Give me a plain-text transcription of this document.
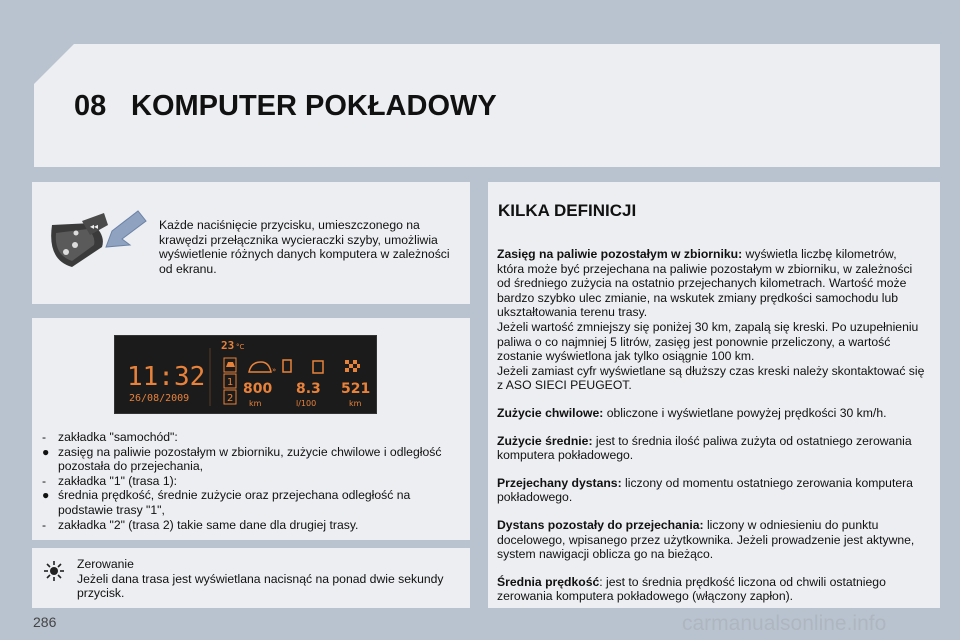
08 KOMPUTER POKŁADOWY
◂◂	Każde naciśnięcie przycisku, umieszczonego na krawędzi przełącznika wycieraczki szyby, umożliwia wyświetlenie różnych danych komputera w zależności od ekranu.
23 °C
11:32
26/08/2009
1
2
»
800 8.3 521
km	l/100	km
- zakładka "samochód":
● zasięg na paliwie pozostałym w zbiorniku, zużycie chwilowe i odległość pozostała do przejechania,
- zakładka "1" (trasa 1):
● średnia prędkość, średnie zużycie oraz przejechana odległość na podstawie trasy "1",
- zakładka "2" (trasa 2) takie same dane dla drugiej trasy.
Zerowanie
Jeżeli dana trasa jest wyświetlana nacisnąć na ponad dwie sekundy przycisk.
KILKA DEFINICJI

Zasięg na paliwie pozostałym w zbiorniku: wyświetla liczbę kilometrów, która może być przejechana na paliwie pozostałym w zbiorniku, w zależności od średniego zużycia na ostatnio przejechanych kilometrach. Wartość może bardzo szybko ulec zmianie, na wskutek zmiany prędkości samochodu lub ukształtowania terenu trasy.
Jeżeli wartość zmniejszy się poniżej 30 km, zapalą się kreski. Po uzupełnieniu paliwa o co najmniej 5 litrów, zasięg jest ponownie przeliczony, a wartość zostanie wyświetlona jak tylko osiągnie 100 km.
Jeżeli zamiast cyfr wyświetlane są dłuższy czas kreski należy skontaktować się z ASO SIECI PEUGEOT.

Zużycie chwilowe: obliczone i wyświetlane powyżej prędkości 30 km/h.

Zużycie średnie: jest to średnia ilość paliwa zużyta od ostatniego zerowania komputera pokładowego.

Przejechany dystans: liczony od momentu ostatniego zerowania komputera pokładowego.

Dystans pozostały do przejechania: liczony w odniesieniu do punktu docelowego, wpisanego przez użytkownika. Jeżeli prowadzenie jest aktywne, system nawigacji oblicza go na bieżąco.

Średnia prędkość: jest to średnia prędkość liczona od chwili ostatniego zerowania komputera pokładowego (włączony zapłon).

286	carmanualsonline.info
